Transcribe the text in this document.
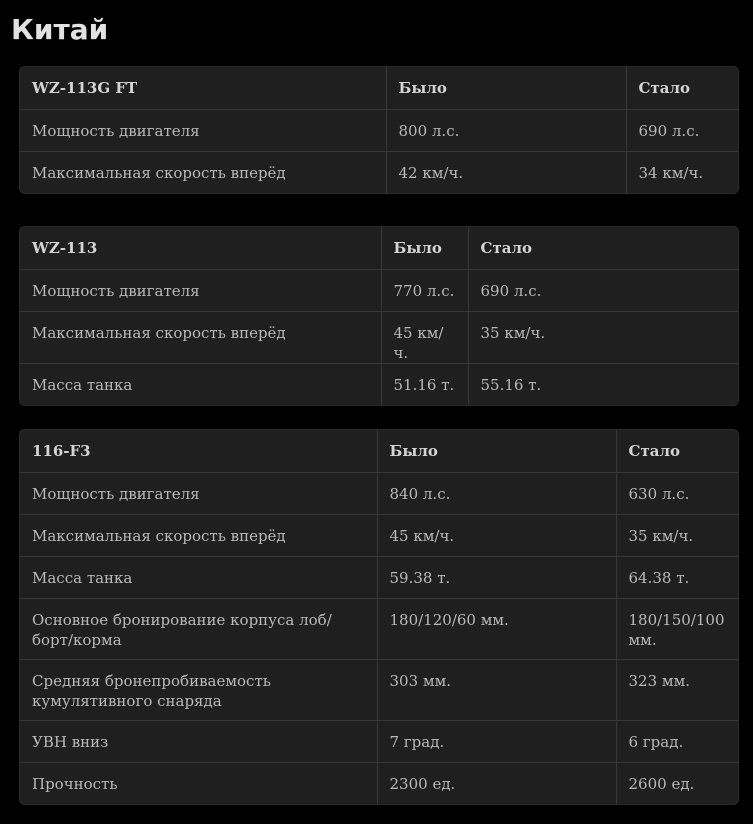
Китай
WZ-113G FT	Было	Стало
Мощность двигателя	800 л.с.	690 л.с.
Максимальная скорость вперёд	42 км/ч.	34 км/ч.
WZ-113	Было	Стало
Мощность двигателя	770 л.с.	690 л.с.
Максимальная скорость вперёд	45 км/ч.	35 км/ч.
Масса танка	51.16 т.	55.16 т.
116-F3	Было	Стало
Мощность двигателя	840 л.с.	630 л.с.
Максимальная скорость вперёд	45 км/ч.	35 км/ч.
Масса танка	59.38 т.	64.38 т.
Основное бронирование корпуса лоб/борт/корма	180/120/60 мм.	180/150/100 мм.
Средняя бронепробиваемость кумулятивного снаряда	303 мм.	323 мм.
УВН вниз	7 град.	6 град.
Прочность	2300 ед.	2600 ед.
